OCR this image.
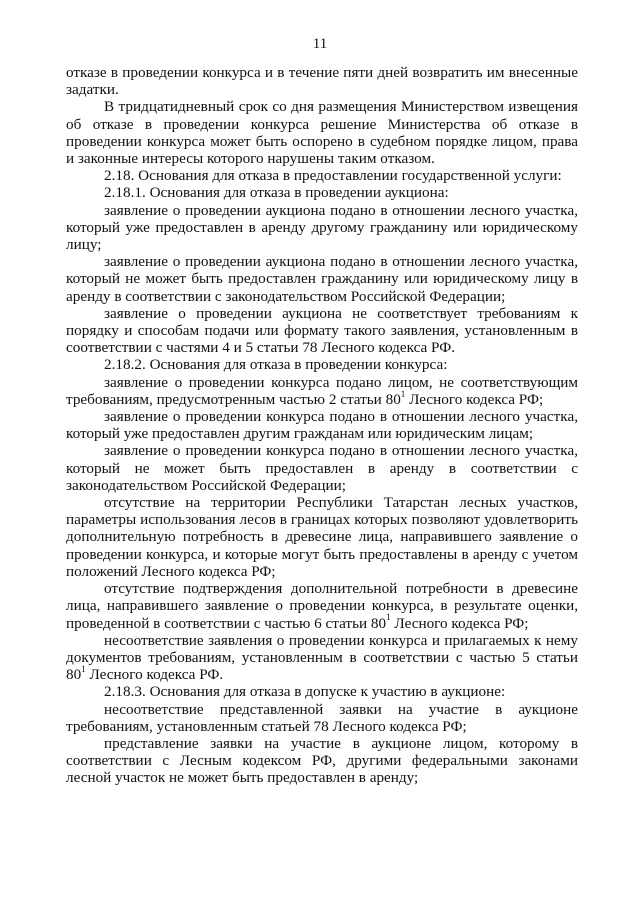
11

отказе в проведении конкурса и в течение пяти дней возвратить им внесенные задатки.

В тридцатидневный срок со дня размещения Министерством извещения об отказе в проведении конкурса решение Министерства об отказе в проведении конкурса может быть оспорено в судебном порядке лицом, права и законные интересы которого нарушены таким отказом.

2.18. Основания для отказа в предоставлении государственной услуги:

2.18.1. Основания для отказа в проведении аукциона:

заявление о проведении аукциона подано в отношении лесного участка, который уже предоставлен в аренду другому гражданину или юридическому лицу;

заявление о проведении аукциона подано в отношении лесного участка, который не может быть предоставлен гражданину или юридическому лицу в аренду в соответствии с законодательством Российской Федерации;

заявление о проведении аукциона не соответствует требованиям к порядку и способам подачи или формату такого заявления, установленным в соответствии с частями 4 и 5 статьи 78 Лесного кодекса РФ.

2.18.2. Основания для отказа в проведении конкурса:

заявление о проведении конкурса подано лицом, не соответствующим требованиям, предусмотренным частью 2 статьи $80^1$ Лесного кодекса РФ;

заявление о проведении конкурса подано в отношении лесного участка, который уже предоставлен другим гражданам или юридическим лицам;

заявление о проведении конкурса подано в отношении лесного участка, который не может быть предоставлен в аренду в соответствии с законодательством Российской Федерации;

отсутствие на территории Республики Татарстан лесных участков, параметры использования лесов в границах которых позволяют удовлетворить дополнительную потребность в древесине лица, направившего заявление о проведении конкурса, и которые могут быть предоставлены в аренду с учетом положений Лесного кодекса РФ;

отсутствие подтверждения дополнительной потребности в древесине лица, направившего заявление о проведении конкурса, в результате оценки, проведенной в соответствии с частью 6 статьи $80^1$ Лесного кодекса РФ;

несоответствие заявления о проведении конкурса и прилагаемых к нему документов требованиям, установленным в соответствии с частью 5 статьи $80^1$ Лесного кодекса РФ.

2.18.3. Основания для отказа в допуске к участию в аукционе:

несоответствие представленной заявки на участие в аукционе требованиям, установленным статьей 78 Лесного кодекса РФ;

представление заявки на участие в аукционе лицом, которому в соответствии с Лесным кодексом РФ, другими федеральными законами лесной участок не может быть предоставлен в аренду;
